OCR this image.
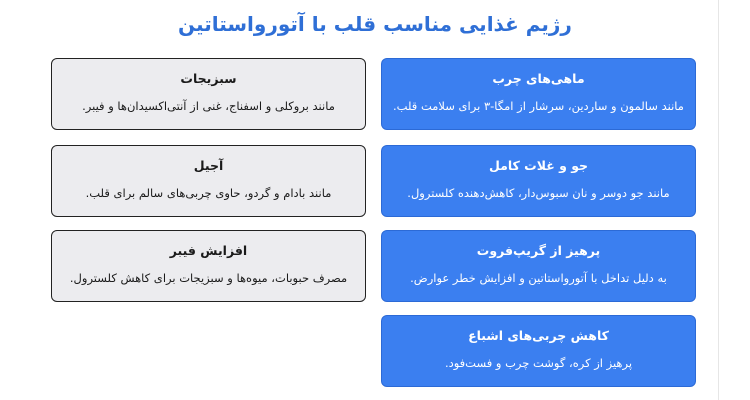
رژیم غذایی مناسب قلب با آتورواستاتین
ماهی‌های چرب
مانند سالمون و ساردین، سرشار از امگا-۳ برای سلامت قلب.
جو و غلات کامل
مانند جو دوسر و نان سبوس‌دار، کاهش‌دهنده کلسترول.
پرهیز از گریپ‌فروت
به دلیل تداخل با آتورواستاتین و افزایش خطر عوارض.
کاهش چربی‌های اشباع
پرهیز از کره، گوشت چرب و فست‌فود.
سبزیجات
مانند بروکلی و اسفناج، غنی از آنتی‌اکسیدان‌ها و فیبر.
آجیل
مانند بادام و گردو، حاوی چربی‌های سالم برای قلب.
افزایش فیبر
مصرف حبوبات، میوه‌ها و سبزیجات برای کاهش کلسترول.
